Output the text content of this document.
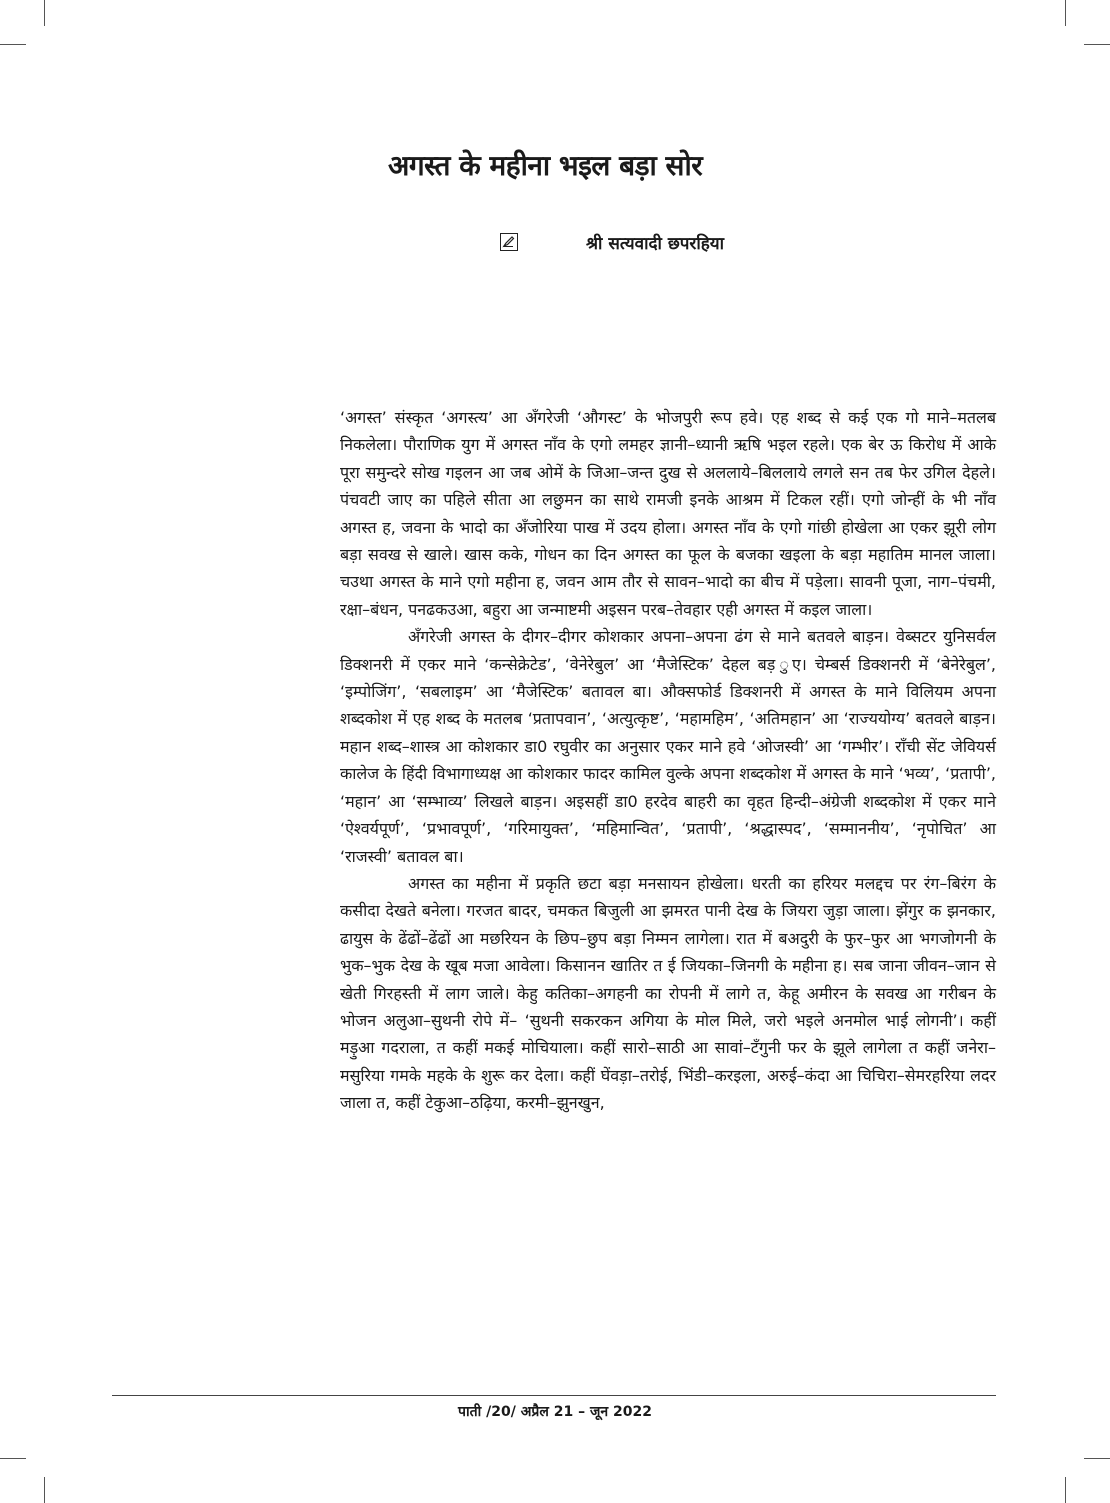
अगस्त के महीना भइल बड़ा सोर
श्री सत्यवादी छपरहिया

‘अगस्त’ संस्कृत ‘अगस्त्य’ आ अँगरेजी ‘औगस्ट’ के भोजपुरी रूप हवे। एह शब्द से कई एक गो माने–मतलब निकलेला। पौराणिक युग में अगस्त नाँव के एगो लमहर ज्ञानी–ध्यानी ऋषि भइल रहले। एक बेर ऊ किरोध में आके पूरा समुन्दरे सोख गइलन आ जब ओमें के जिआ–जन्त दुख से अललाये–बिललाये लगले सन तब फेर उगिल देहले। पंचवटी जाए का पहिले सीता आ लछुमन का साथे रामजी इनके आश्रम में टिकल रहीं। एगो जोन्हीं के भी नाँव अगस्त ह, जवना के भादो का अँजोरिया पाख में उदय होला। अगस्त नाँव के एगो गांछी होखेला आ एकर झूरी लोग बड़ा सवख से खाले। खास कके, गोधन का दिन अगस्त का फूल के बजका खइला के बड़ा महातिम मानल जाला। चउथा अगस्त के माने एगो महीना ह, जवन आम तौर से सावन–भादो का बीच में पड़ेला। सावनी पूजा, नाग–पंचमी, रक्षा–बंधन, पनढकउआ, बहुरा आ जन्माष्टमी अइसन परब–तेवहार एही अगस्त में कइल जाला।

अँगरेजी अगस्त के दीगर–दीगर कोशकार अपना–अपना ढंग से माने बतवले बाड़न। वेब्सटर युनिसर्वल डिक्शनरी में एकर माने ‘कन्सेक्रेटेड’, ‘वेनेरेबुल’ आ ‘मैजेस्टिक’ देहल बड़ ुए। चेम्बर्स डिक्शनरी में ‘बेनेरेबुल’, ‘इम्पोजिंग’, ‘सबलाइम’ आ ‘मैजेस्टिक’ बतावल बा। औक्सफोर्ड डिक्शनरी में अगस्त के माने विलियम अपना शब्दकोश में एह शब्द के मतलब ‘प्रतापवान’, ‘अत्युत्कृष्ट’, ‘महामहिम’, ‘अतिमहान’ आ ‘राज्ययोग्य’ बतवले बाड़न। महान शब्द–शास्त्र आ कोशकार डा0 रघुवीर का अनुसार एकर माने हवे ‘ओजस्वी’ आ ‘गम्भीर’। राँची सेंट जेवियर्स कालेज के हिंदी विभागाध्यक्ष आ कोशकार फादर कामिल वुल्के अपना शब्दकोश में अगस्त के माने ‘भव्य’, ‘प्रतापी’, ‘महान’ आ ‘सम्भाव्य’ लिखले बाड़न। अइसहीं डा0 हरदेव बाहरी का वृहत हिन्दी–अंग्रेजी शब्दकोश में एकर माने ‘ऐश्वर्यपूर्ण’, ‘प्रभावपूर्ण’, ‘गरिमायुक्त’, ‘महिमान्वित’, ‘प्रतापी’, ‘श्रद्धास्पद’, ‘सम्माननीय’, ‘नृपोचित’ आ ‘राजस्वी’ बतावल बा।

अगस्त का महीना में प्रकृति छटा बड़ा मनसायन होखेला। धरती का हरियर मलद्दच पर रंग–बिरंग के कसीदा देखते बनेला। गरजत बादर, चमकत बिजुली आ झमरत पानी देख के जियरा जुड़ा जाला। झेंगुर क झनकार, ढायुस के ढेंढों–ढेंढों आ मछरियन के छिप–छुप बड़ा निम्मन लागेला। रात में बअदुरी के फुर–फुर आ भगजोगनी के भुक–भुक देख के खूब मजा आवेला। किसानन खातिर त ई जियका–जिनगी के महीना ह। सब जाना जीवन–जान से खेती गिरहस्ती में लाग जाले। केहु कतिका–अगहनी का रोपनी में लागे त, केहू अमीरन के सवख आ गरीबन के भोजन अलुआ–सुथनी रोपे में– ‘सुथनी सकरकन अगिया के मोल मिले, जरो भइले अनमोल भाई लोगनी’। कहीं मड़ुआ गदराला, त कहीं मकई मोचियाला। कहीं सारो–साठी आ सावां–टँगुनी फर के झूले लागेला त कहीं जनेरा–मसुरिया गमके महके के शुरू कर देला। कहीं घेंवड़ा–तरोई, भिंडी–करइला, अरुई–कंदा आ चिचिरा–सेमरहरिया लदर जाला त, कहीं टेकुआ–ठढ़िया, करमी–झुनखुन,

पाती /20/ अप्रैल 21 – जून 2022
